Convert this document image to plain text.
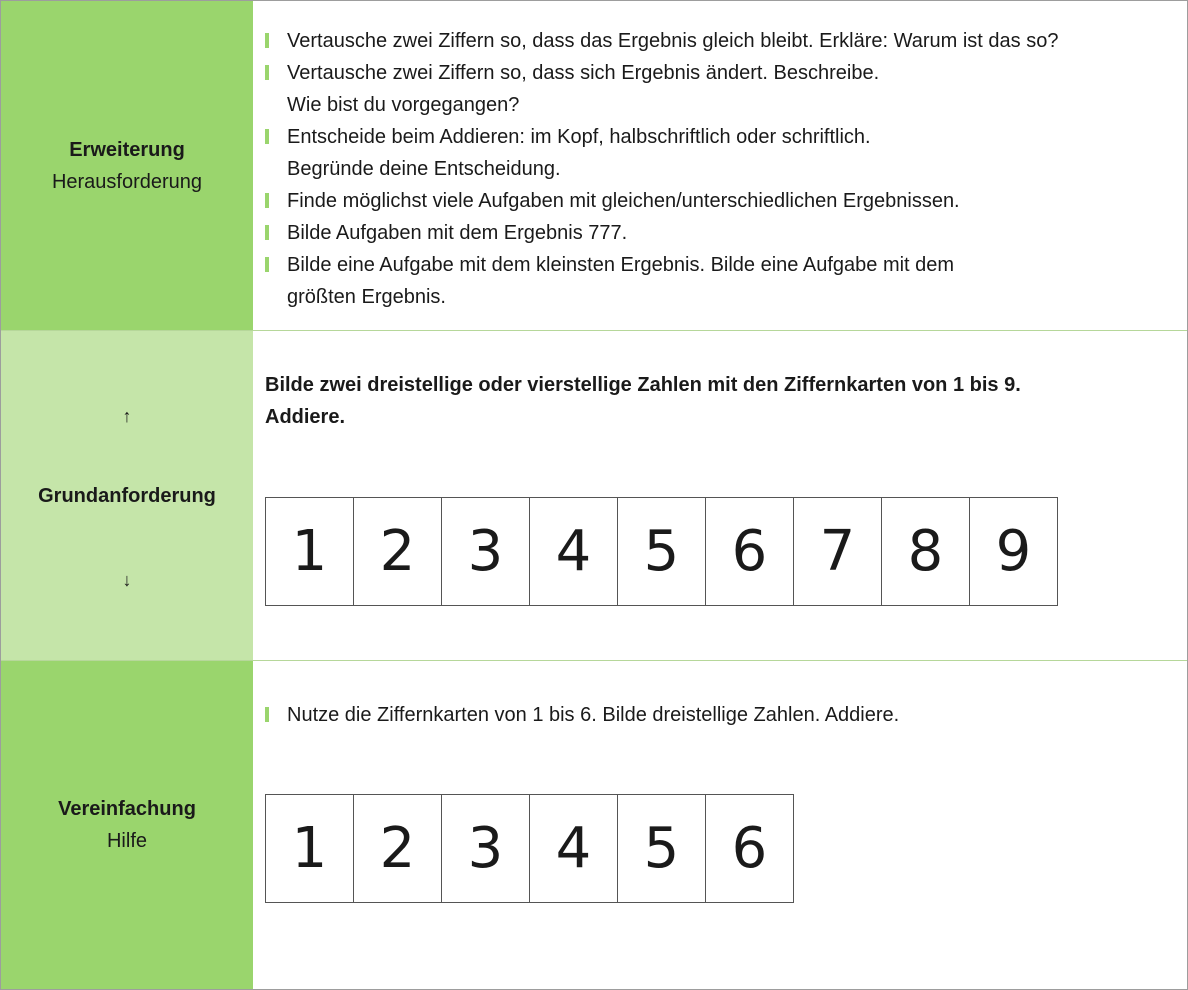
Erweiterung
Herausforderung
Vertausche zwei Ziffern so, dass das Ergebnis gleich bleibt. Erkläre: Warum ist das so?
Vertausche zwei Ziffern so, dass sich Ergebnis ändert. Beschreibe.
Wie bist du vorgegangen?
Entscheide beim Addieren: im Kopf, halbschriftlich oder schriftlich.
Begründe deine Entscheidung.
Finde möglichst viele Aufgaben mit gleichen/unterschiedlichen Ergebnissen.
Bilde Aufgaben mit dem Ergebnis 777.
Bilde eine Aufgabe mit dem kleinsten Ergebnis. Bilde eine Aufgabe mit dem
größten Ergebnis.
↑
Grundanforderung
↓
Bilde zwei dreistellige oder vierstellige Zahlen mit den Ziffernkarten von 1 bis 9.
Addiere.
1 2 3 4 5 6 7 8 9
Vereinfachung
Hilfe
Nutze die Ziffernkarten von 1 bis 6. Bilde dreistellige Zahlen. Addiere.
1 2 3 4 5 6
